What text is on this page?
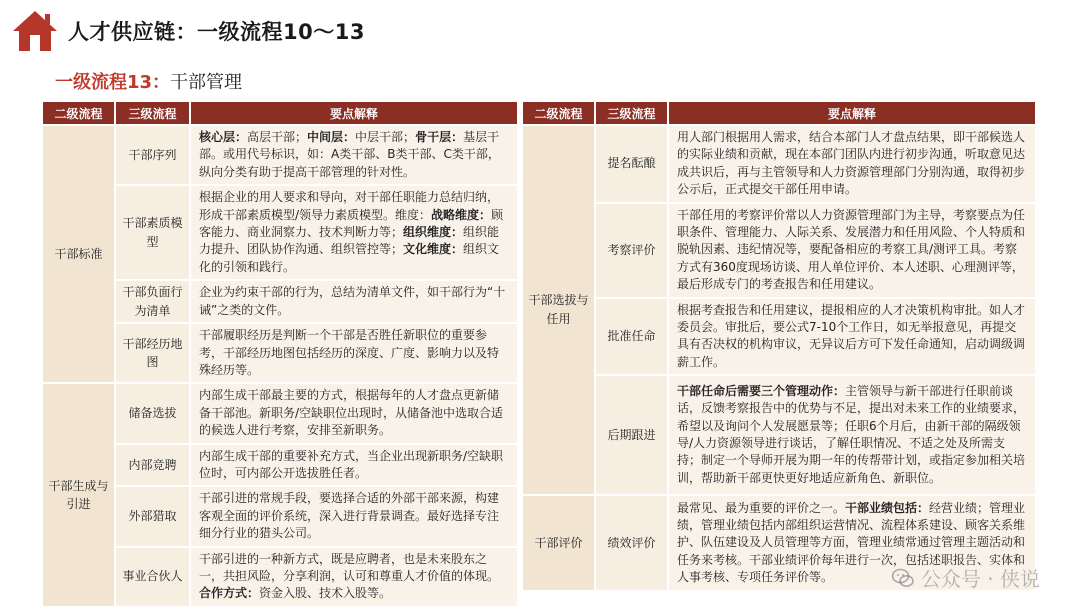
人才供应链：一级流程10～13
一级流程13： 干部管理
二级流程	三级流程	要点解释
干部标准	干部序列	核心层：高层干部；中间层：中层干部；骨干层：基层干部。或用代号标识，如：A类干部、B类干部、C类干部，纵向分类有助于提高干部管理的针对性。
	干部素质模型	根据企业的用人要求和导向，对干部任职能力总结归纳，形成干部素质模型/领导力素质模型。维度：战略维度：顾客能力、商业洞察力、技术判断力等；组织维度：组织能力提升、团队协作沟通、组织管控等；文化维度：组织文化的引领和践行。
	干部负面行为清单	企业为约束干部的行为，总结为清单文件，如干部行为“十诫”之类的文件。
	干部经历地图	干部履职经历是判断一个干部是否胜任新职位的重要参考，干部经历地图包括经历的深度、广度、影响力以及特殊经历等。
干部生成与引进	储备选拔	内部生成干部最主要的方式，根据每年的人才盘点更新储备干部池。新职务/空缺职位出现时，从储备池中选取合适的候选人进行考察，安排至新职务。
	内部竞聘	内部生成干部的重要补充方式，当企业出现新职务/空缺职位时，可内部公开选拔胜任者。
	外部猎取	干部引进的常规手段，要选择合适的外部干部来源，构建客观全面的评价系统，深入进行背景调查。最好选择专注细分行业的猎头公司。
	事业合伙人	干部引进的一种新方式，既是应聘者，也是未来股东之一，共担风险，分享利润，认可和尊重人才价值的体现。合作方式：资金入股、技术入股等。
二级流程	三级流程	要点解释
干部选拔与任用	提名酝酿	用人部门根据用人需求，结合本部门人才盘点结果，即干部候选人的实际业绩和贡献，现在本部门团队内进行初步沟通，听取意见达成共识后，再与主管领导和人力资源管理部门分别沟通，取得初步公示后，正式提交干部任用申请。
	考察评价	干部任用的考察评价常以人力资源管理部门为主导，考察要点为任职条件、管理能力、人际关系、发展潜力和任用风险、个人特质和脱轨因素、违纪情况等，要配备相应的考察工具/测评工具。考察方式有360度现场访谈、用人单位评价、本人述职、心理测评等，最后形成专门的考查报告和任用建议。
	批准任命	根据考查报告和任用建议，提报相应的人才决策机构审批。如人才委员会。审批后，要公式7-10个工作日，如无举报意见，再提交具有否决权的机构审议，无异议后方可下发任命通知，启动调级调薪工作。
	后期跟进	干部任命后需要三个管理动作：主管领导与新干部进行任职前谈话，反馈考察报告中的优势与不足，提出对未来工作的业绩要求，希望以及询问个人发展愿景等；任职6个月后，由新干部的隔级领导/人力资源领导进行谈话，了解任职情况、不适之处及所需支持；制定一个导师开展为期一年的传帮带计划，或指定参加相关培训，帮助新干部更快更好地适应新角色、新职位。
干部评价	绩效评价	最常见、最为重要的评价之一。干部业绩包括：经营业绩；管理业绩，管理业绩包括内部组织运营情况、流程体系建设、顾客关系维护、队伍建设及人员管理等方面，管理业绩常通过管理主题活动和任务来考核。干部业绩评价每年进行一次，包括述职报告、实体和人事考核、专项任务评价等。	公众号 · 侠说
